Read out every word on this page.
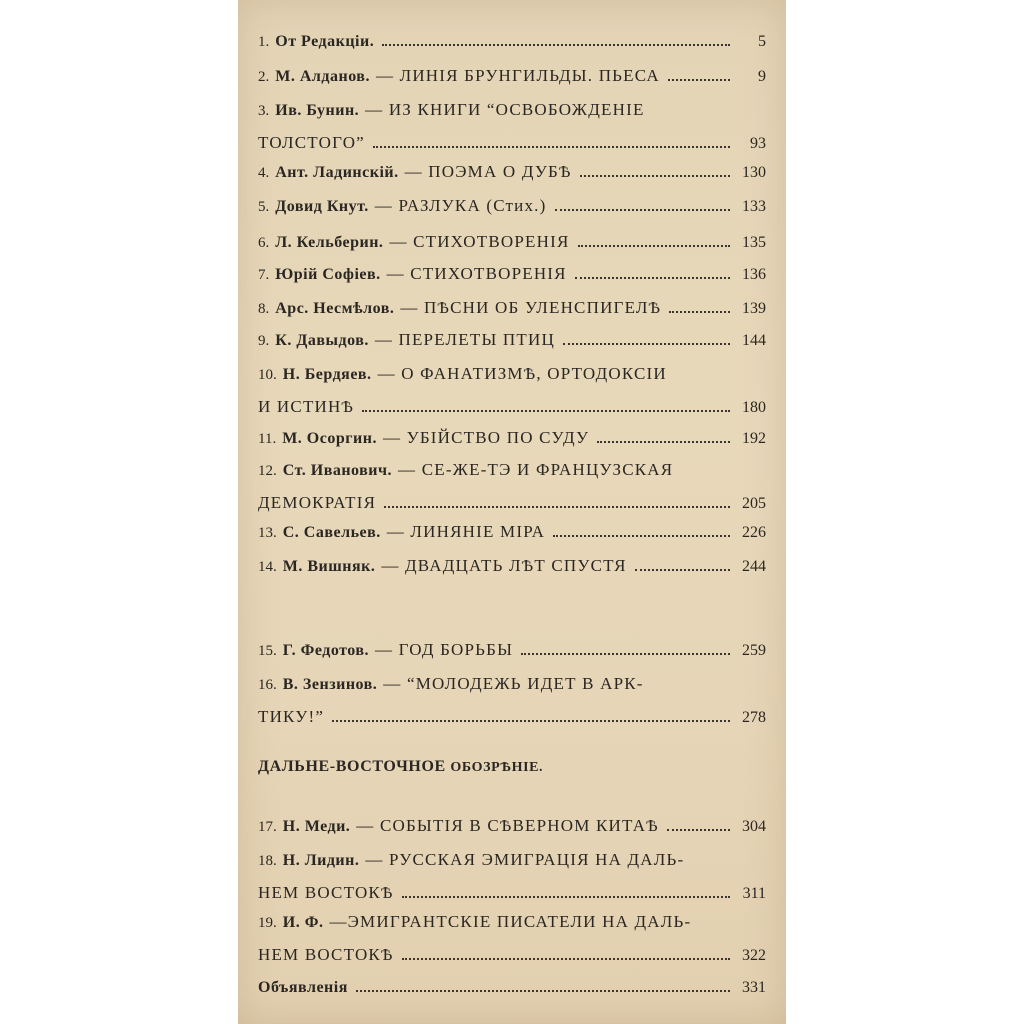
1. От Редакціи.	5
2. М. Алданов. — ЛИНІЯ БРУНГИЛЬДЫ. ПЬЕСА	9
3. Ив. Бунин. — ИЗ КНИГИ “ОСВОБОЖДЕНІЕ
ТОЛСТОГО”	93
4. Ант. Ладинскій. — ПОЭМА О ДУБѢ	130
5. Довид Кнут. — РАЗЛУКА (Стих.)	133
6. Л. Кельберин. — СТИХОТВОРЕНІЯ	135
7. Юрій Софіев. — СТИХОТВОРЕНІЯ	136
8. Арс. Несмѣлов. — ПѢСНИ ОБ УЛЕНСПИГЕЛѢ	139
9. К. Давыдов. — ПЕРЕЛЕТЫ ПТИЦ	144
10. Н. Бердяев. — О ФАНАТИЗМѢ, ОРТОДОКСІИ
И ИСТИНѢ	180
11. М. Осоргин. — УБІЙСТВО ПО СУДУ	192
12. Ст. Иванович. — СЕ-ЖЕ-ТЭ И ФРАНЦУЗСКАЯ
ДЕМОКРАТІЯ	205
13. С. Савельев. — ЛИНЯНІЕ МІРА	226
14. М. Вишняк. — ДВАДЦАТЬ ЛѢТ СПУСТЯ	244
15. Г. Федотов. — ГОД БОРЬБЫ	259
16. В. Зензинов. — “МОЛОДЕЖЬ ИДЕТ В АРК-
ТИКУ!”	278
17. Н. Меди. — СОБЫТІЯ В СѢВЕРНОМ КИТАѢ	304
18. Н. Лидин. — РУССКАЯ ЭМИГРАЦІЯ НА ДАЛЬ-
НЕМ ВОСТОКѢ	311
19. И. Ф. —ЭМИГРАНТСКІЕ ПИСАТЕЛИ НА ДАЛЬ-
НЕМ ВОСТОКѢ	322
Объявленія	331
ДАЛЬНЕ-ВОСТОЧНОЕ ОБОЗРѢНІЕ.
